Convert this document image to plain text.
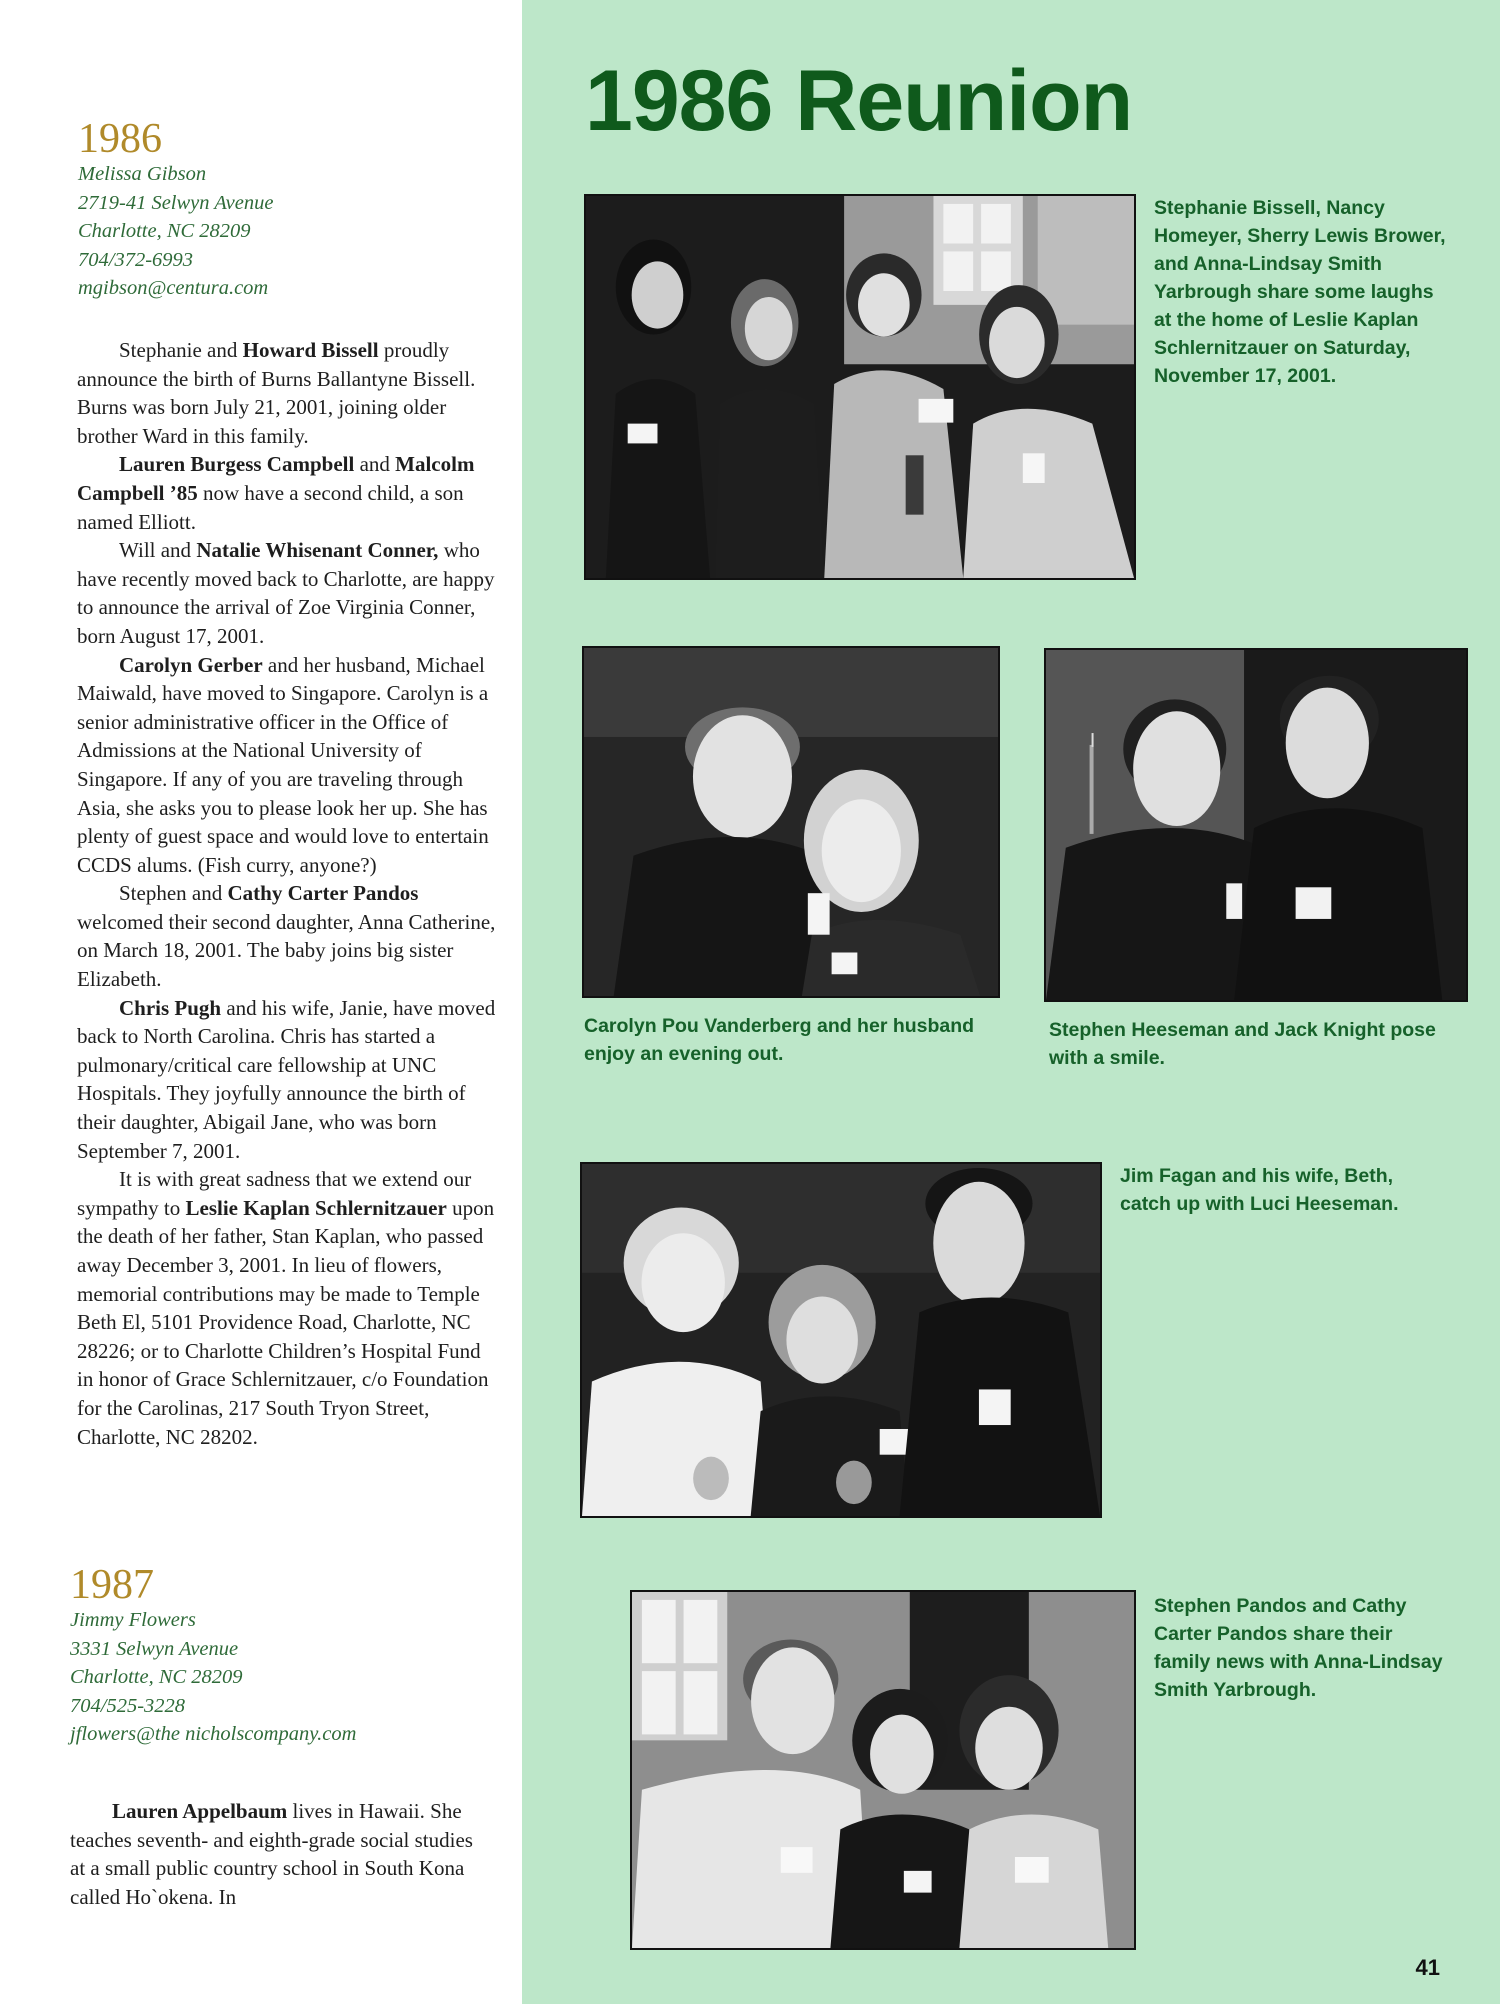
1986
Melissa Gibson
2719-41 Selwyn Avenue
Charlotte, NC 28209
704/372-6993
mgibson@centura.com

Stephanie and Howard Bissell proudly announce the birth of Burns Ballantyne Bissell. Burns was born July 21, 2001, joining older brother Ward in this family.

Lauren Burgess Campbell and Malcolm Campbell ’85 now have a second child, a son named Elliott.

Will and Natalie Whisenant Conner, who have recently moved back to Charlotte, are happy to announce the arrival of Zoe Virginia Conner, born August 17, 2001.

Carolyn Gerber and her husband, Michael Maiwald, have moved to Singapore. Carolyn is a senior administrative officer in the Office of Admissions at the National University of Singapore. If any of you are traveling through Asia, she asks you to please look her up. She has plenty of guest space and would love to entertain CCDS alums. (Fish curry, anyone?)

Stephen and Cathy Carter Pandos welcomed their second daughter, Anna Catherine, on March 18, 2001. The baby joins big sister Elizabeth.

Chris Pugh and his wife, Janie, have moved back to North Carolina. Chris has started a pulmonary/critical care fellowship at UNC Hospitals. They joyfully announce the birth of their daughter, Abigail Jane, who was born September 7, 2001.

It is with great sadness that we extend our sympathy to Leslie Kaplan Schlernitzauer upon the death of her father, Stan Kaplan, who passed away December 3, 2001. In lieu of flowers, memorial contributions may be made to Temple Beth El, 5101 Providence Road, Charlotte, NC 28226; or to Charlotte Children’s Hospital Fund in honor of Grace Schlernitzauer, c/o Foundation for the Carolinas, 217 South Tryon Street, Charlotte, NC 28202.

1987
Jimmy Flowers
3331 Selwyn Avenue
Charlotte, NC 28209
704/525-3228
jflowers@the nicholscompany.com

Lauren Appelbaum lives in Hawaii. She teaches seventh- and eighth-grade social studies at a small public country school in South Kona called Ho`okena. In

1986 Reunion

Stephanie Bissell, Nancy Homeyer, Sherry Lewis Brower, and Anna-Lindsay Smith Yarbrough share some laughs at the home of Leslie Kaplan Schlernitzauer on Saturday, November 17, 2001.

Carolyn Pou Vanderberg and her husband enjoy an evening out.

Stephen Heeseman and Jack Knight pose with a smile.

Jim Fagan and his wife, Beth, catch up with Luci Heeseman.

Stephen Pandos and Cathy Carter Pandos share their family news with Anna-Lindsay Smith Yarbrough.

41
